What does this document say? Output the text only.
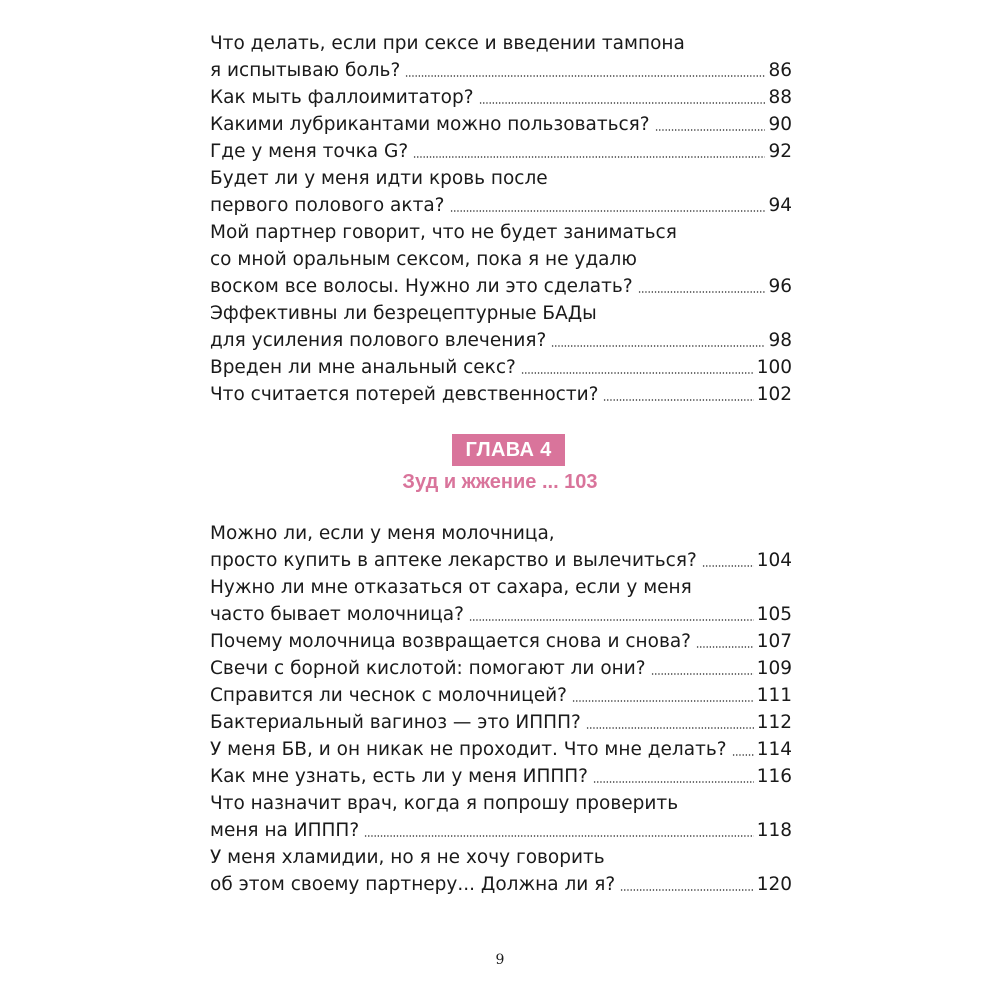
Что делать, если при сексе и введении тампона
я испытываю боль?	86
Как мыть фаллоимитатор?	88
Какими лубрикантами можно пользоваться?	90
Где у меня точка G?	92
Будет ли у меня идти кровь после
первого полового акта?	94
Мой партнер говорит, что не будет заниматься
со мной оральным сексом, пока я не удалю
воском все волосы. Нужно ли это сделать?	96
Эффективны ли безрецептурные БАДы
для усиления полового влечения?	98
Вреден ли мне анальный секс?	100
Что считается потерей девственности?	102
ГЛАВА 4
Зуд и жжение ... 103
Можно ли, если у меня молочница,
просто купить в аптеке лекарство и вылечиться?	104
Нужно ли мне отказаться от сахара, если у меня
часто бывает молочница?	105
Почему молочница возвращается снова и снова?	107
Свечи с борной кислотой: помогают ли они?	109
Справится ли чеснок с молочницей?	111
Бактериальный вагиноз — это ИППП?	112
У меня БВ, и он никак не проходит. Что мне делать? 114
Как мне узнать, есть ли у меня ИППП?	116
Что назначит врач, когда я попрошу проверить
меня на ИППП?	118
У меня хламидии, но я не хочу говорить
об этом своему партнеру... Должна ли я?	120
9
